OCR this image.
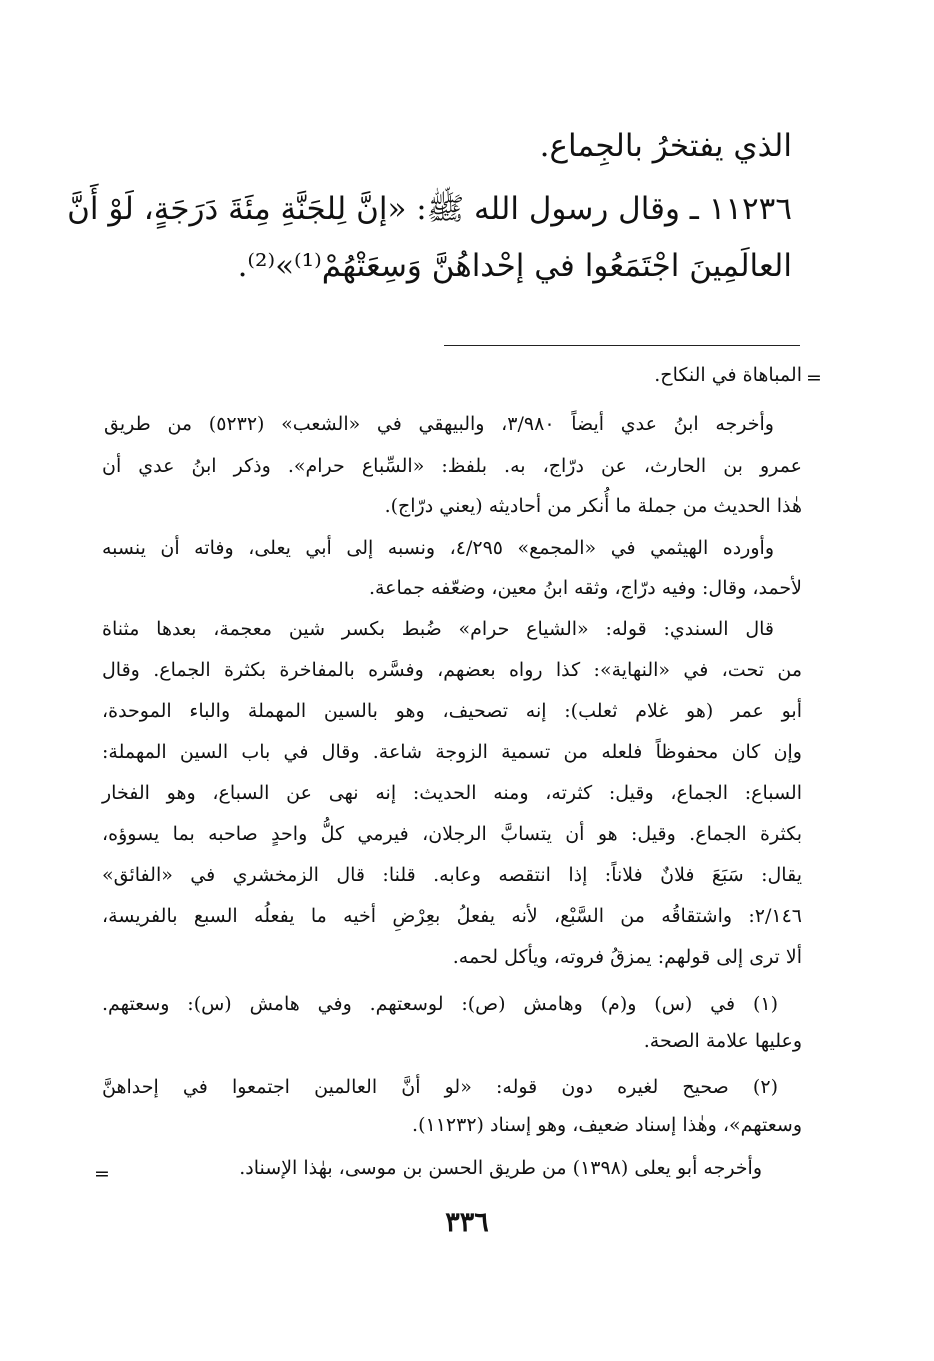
الذي يفتخرُ بالجِماع.
١١٢٣٦ ـ وقال رسول الله ﷺ: «إنَّ لِلجَنَّةِ مِئَةَ دَرَجَةٍ، لَوْ أَنَّ
العالَمِينَ اجْتَمَعُوا في إحْداهُنَّ وَسِعَتْهُمْ⁽¹⁾»⁽²⁾.
=
المباهاة في النكاح.
وأخرجه ابنُ عدي أيضاً ٣/٩٨٠، والبيهقي في «الشعب» (٥٢٣٢) من طريق
عمرو بن الحارث، عن درّاج، به. بلفظ: «السِّباع حرام». وذكر ابنُ عدي أن
هٰذا الحديث من جملة ما أُنكر من أحاديثه (يعني درّاج).
وأورده الهيثمي في «المجمع» ٤/٢٩٥، ونسبه إلى أبي يعلى، وفاته أن ينسبه
لأحمد، وقال: وفيه درّاج، وثقه ابنُ معين، وضعّفه جماعة.
قال السندي: قوله: «الشياع حرام» ضُبط بكسر شين معجمة، بعدها مثناة
من تحت، في «النهاية»: كذا رواه بعضهم، وفسَّره بالمفاخرة بكثرة الجماع. وقال
أبو عمر (هو غلام ثعلب): إنه تصحيف، وهو بالسين المهملة والباء الموحدة،
وإن كان محفوظاً فلعله من تسمية الزوجة شاعة. وقال في باب السين المهملة:
السباع: الجماع، وقيل: كثرته، ومنه الحديث: إنه نهى عن السباع، وهو الفخار
بكثرة الجماع. وقيل: هو أن يتسابَّ الرجلان، فيرمي كلُّ واحدٍ صاحبه بما يسوؤه،
يقال: سَبَعَ فلانٌ فلاناً: إذا انتقصه وعابه. قلنا: قال الزمخشري في «الفائق»
٢/١٤٦: واشتقاقُه من السَّبْع، لأنه يفعلُ بعِرْضِ أخيه ما يفعلُه السبع بالفريسة،
ألا ترى إلى قولهم: يمزقُ فروته، ويأكل لحمه.
(١) في (س) و(م) وهامش (ص): لوسعتهم. وفي هامش (س): وسعتهم.
وعليها علامة الصحة.
(٢) صحيح لغيره دون قوله: «لو أنَّ العالمين اجتمعوا في إحداهنَّ
وسعتهم»، وهٰذا إسناد ضعيف، وهو إسناد (١١٢٣٢).
وأخرجه أبو يعلى (١٣٩٨) من طريق الحسن بن موسى، بهٰذا الإسناد.
=
٣٣٦
